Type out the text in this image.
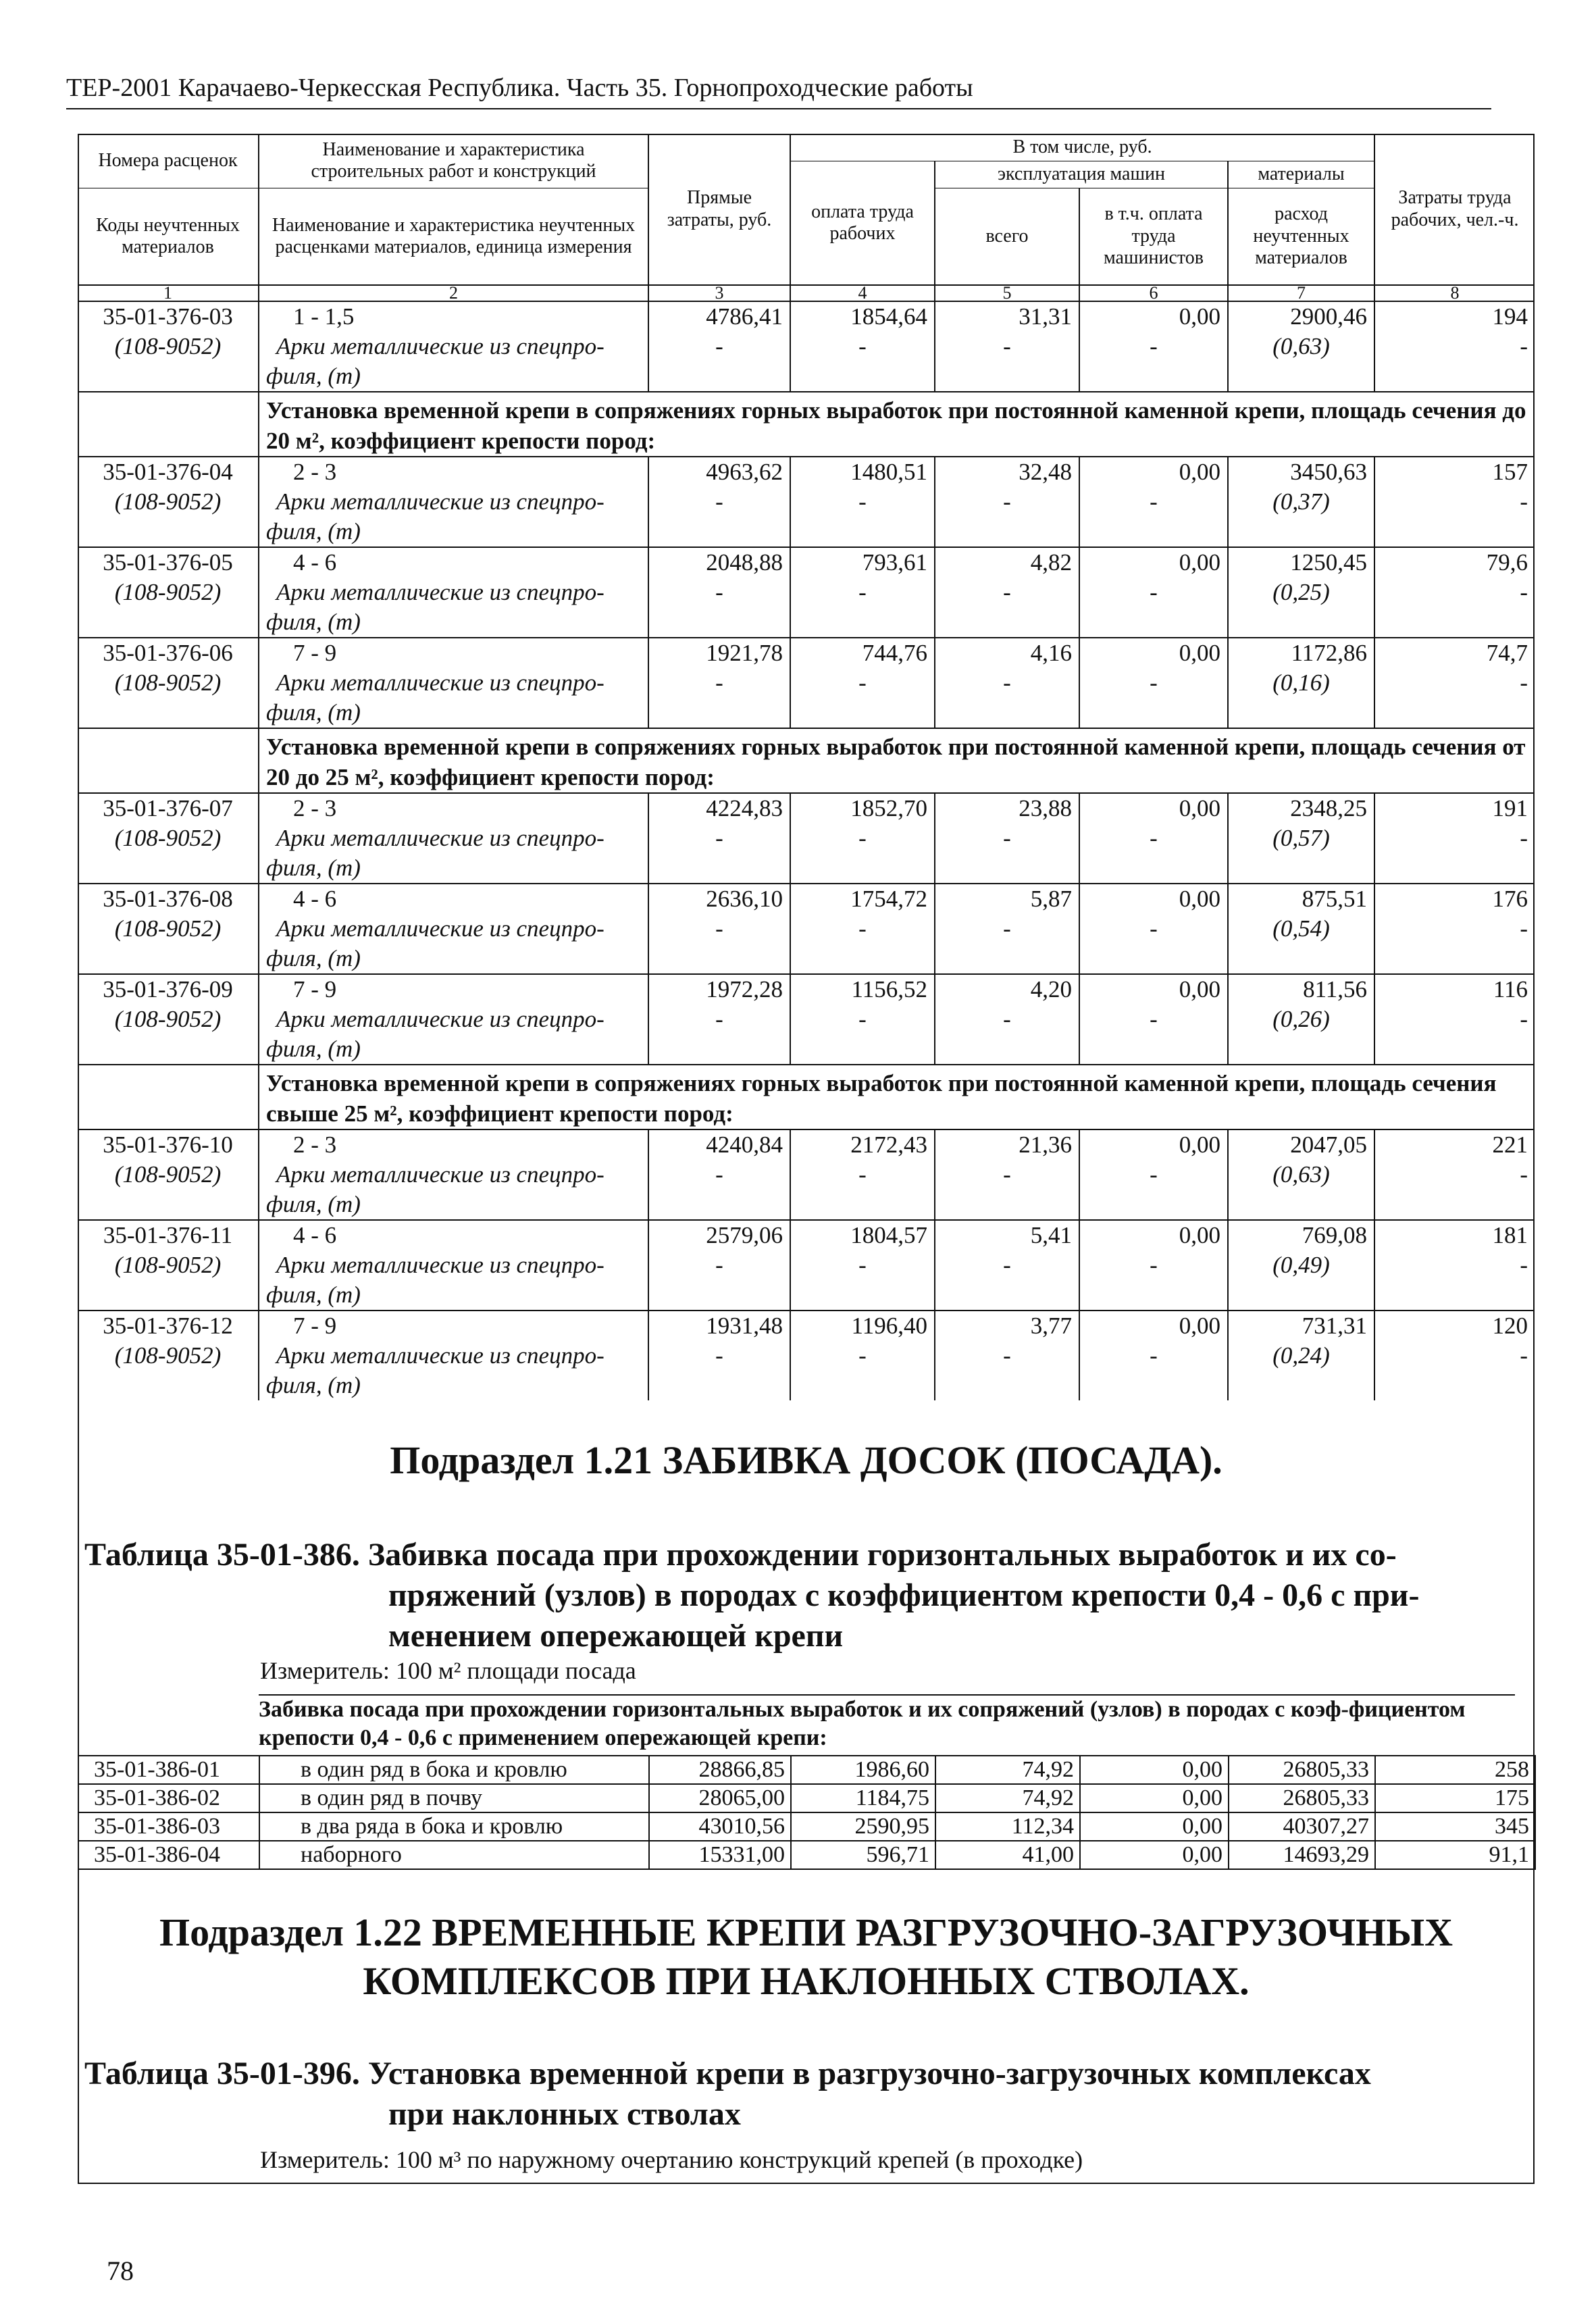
ТЕР-2001 Карачаево-Черкесская Республика. Часть 35. Горнопроходческие работы
Номера расценок	Наименование и характеристика строительных работ и конструкций	Прямые затраты, руб.	В том числе, руб.				Затраты труда рабочих, чел.-ч.
			оплата труда рабочих	эксплуатация машин		материалы	
Коды неучтенных материалов	Наименование и характеристика неучтенных расценками материалов, единица измерения			всего	в т.ч. оплата труда машинистов	расход неучтенных материалов	

1	2	3	4	5	6	7	8
35-01-376-03	1 - 1,5	4786,41	1854,64	31,31	0,00	2900,46	194
(108-9052)	Арки металлические из спецпро-	-	-	-	-	(0,63)	-
	филя, (т)						
	Установка временной крепи в сопряжениях горных выработок при постоянной каменной крепи, площадь сечения до 20 м², коэффициент крепости пород:						
35-01-376-04	2 - 3	4963,62	1480,51	32,48	0,00	3450,63	157
(108-9052)	Арки металлические из спецпро-	-	-	-	-	(0,37)	-
	филя, (т)						
35-01-376-05	4 - 6	2048,88	793,61	4,82	0,00	1250,45	79,6
(108-9052)	Арки металлические из спецпро-	-	-	-	-	(0,25)	-
	филя, (т)						
35-01-376-06	7 - 9	1921,78	744,76	4,16	0,00	1172,86	74,7
(108-9052)	Арки металлические из спецпро-	-	-	-	-	(0,16)	-
	филя, (т)						
	Установка временной крепи в сопряжениях горных выработок при постоянной каменной крепи, площадь сечения от 20 до 25 м², коэффициент крепости пород:						
35-01-376-07	2 - 3	4224,83	1852,70	23,88	0,00	2348,25	191
(108-9052)	Арки металлические из спецпро-	-	-	-	-	(0,57)	-
	филя, (т)						
35-01-376-08	4 - 6	2636,10	1754,72	5,87	0,00	875,51	176
(108-9052)	Арки металлические из спецпро-	-	-	-	-	(0,54)	-
	филя, (т)						
35-01-376-09	7 - 9	1972,28	1156,52	4,20	0,00	811,56	116
(108-9052)	Арки металлические из спецпро-	-	-	-	-	(0,26)	-
	филя, (т)						
	Установка временной крепи в сопряжениях горных выработок при постоянной каменной крепи, площадь сечения свыше 25 м², коэффициент крепости пород:						
35-01-376-10	2 - 3	4240,84	2172,43	21,36	0,00	2047,05	221
(108-9052)	Арки металлические из спецпро-	-	-	-	-	(0,63)	-
	филя, (т)						
35-01-376-11	4 - 6	2579,06	1804,57	5,41	0,00	769,08	181
(108-9052)	Арки металлические из спецпро-	-	-	-	-	(0,49)	-
	филя, (т)						
35-01-376-12	7 - 9	1931,48	1196,40	3,77	0,00	731,31	120
(108-9052)	Арки металлические из спецпро-	-	-	-	-	(0,24)	-
	филя, (т)						
Подраздел 1.21 ЗАБИВКА ДОСОК (ПОСАДА).
Таблица 35-01-386. Забивка посада при прохождении горизонтальных выработок и их со-
пряжений (узлов) в породах с коэффициентом крепости 0,4 - 0,6 с при-
менением опережающей крепи
Измеритель: 100 м² площади посада
Забивка посада при прохождении горизонтальных выработок и их сопряжений (узлов) в породах с коэф-фициентом крепости 0,4 - 0,6 с применением опережающей крепи:
35-01-386-01	в один ряд в бока и кровлю	28866,85	1986,60	74,92	0,00	26805,33	258
35-01-386-02	в один ряд в почву	28065,00	1184,75	74,92	0,00	26805,33	175
35-01-386-03	в два ряда в бока и кровлю	43010,56	2590,95	112,34	0,00	40307,27	345
35-01-386-04	наборного	15331,00	596,71	41,00	0,00	14693,29	91,1
Подраздел 1.22 ВРЕМЕННЫЕ КРЕПИ РАЗГРУЗОЧНО-ЗАГРУЗОЧНЫХ
КОМПЛЕКСОВ ПРИ НАКЛОННЫХ СТВОЛАХ.
Таблица 35-01-396. Установка временной крепи в разгрузочно-загрузочных комплексах
при наклонных стволах
Измеритель: 100 м³ по наружному очертанию конструкций крепей (в проходке)
78
